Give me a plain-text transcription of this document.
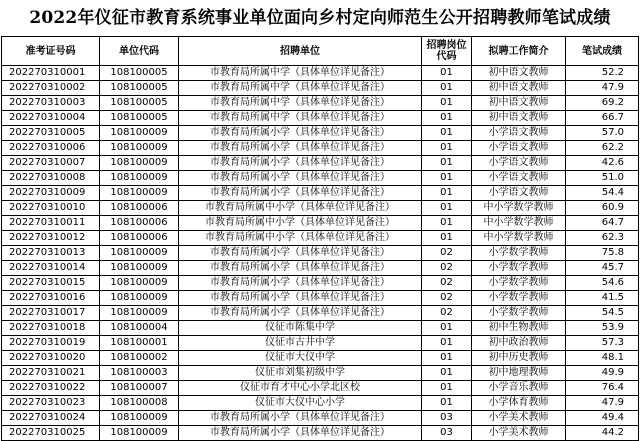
2022年仪征市教育系统事业单位面向乡村定向师范生公开招聘教师笔试成绩
准考证号码	单位代码	招聘单位	招聘岗位代码	拟聘工作简介	笔试成绩
202270310001	108100005	市教育局所属中学（具体单位详见备注）	01	初中语文教师	52.2
202270310002	108100005	市教育局所属中学（具体单位详见备注）	01	初中语文教师	47.9
202270310003	108100005	市教育局所属中学（具体单位详见备注）	01	初中语文教师	69.2
202270310004	108100005	市教育局所属中学（具体单位详见备注）	01	初中语文教师	66.7
202270310005	108100009	市教育局所属小学（具体单位详见备注）	01	小学语文教师	57.0
202270310006	108100009	市教育局所属小学（具体单位详见备注）	01	小学语文教师	62.2
202270310007	108100009	市教育局所属小学（具体单位详见备注）	01	小学语文教师	42.6
202270310008	108100009	市教育局所属小学（具体单位详见备注）	01	小学语文教师	51.0
202270310009	108100009	市教育局所属小学（具体单位详见备注）	01	小学语文教师	54.4
202270310010	108100006	市教育局所属中小学（具体单位详见备注）	01	中小学数学教师	60.9
202270310011	108100006	市教育局所属中小学（具体单位详见备注）	01	中小学数学教师	64.7
202270310012	108100006	市教育局所属中小学（具体单位详见备注）	01	中小学数学教师	62.3
202270310013	108100009	市教育局所属小学（具体单位详见备注）	02	小学数学教师	75.8
202270310014	108100009	市教育局所属小学（具体单位详见备注）	02	小学数学教师	45.7
202270310015	108100009	市教育局所属小学（具体单位详见备注）	02	小学数学教师	54.6
202270310016	108100009	市教育局所属小学（具体单位详见备注）	02	小学数学教师	41.5
202270310017	108100009	市教育局所属小学（具体单位详见备注）	02	小学数学教师	54.5
202270310018	108100004	仪征市陈集中学	01	初中生物教师	53.9
202270310019	108100001	仪征市古井中学	01	初中政治教师	57.3
202270310020	108100002	仪征市大仪中学	01	初中历史教师	48.1
202270310021	108100003	仪征市刘集初级中学	01	初中地理教师	49.9
202270310022	108100007	仪征市育才中心小学北区校	01	小学音乐教师	76.4
202270310023	108100008	仪征市大仪中心小学	01	小学体育教师	47.9
202270310024	108100009	市教育局所属小学（具体单位详见备注）	03	小学美术教师	49.4
202270310025	108100009	市教育局所属小学（具体单位详见备注）	03	小学美术教师	44.2
